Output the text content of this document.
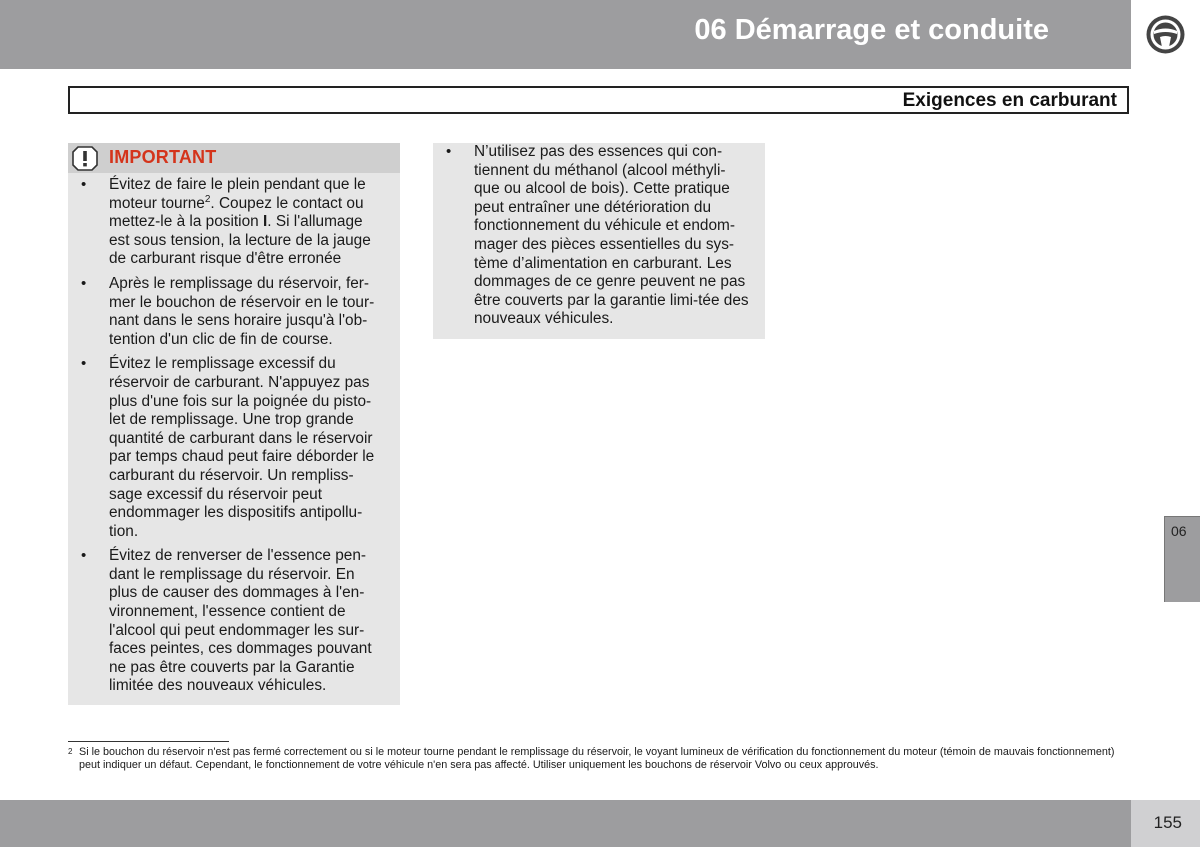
06 Démarrage et conduite
Exigences en carburant
IMPORTANT
• Évitez de faire le plein pendant que le moteur tourne$^2$. Coupez le contact ou mettez-le à la position I. Si l'allumage est sous tension, la lecture de la jauge de carburant risque d'être erronée
• Après le remplissage du réservoir, fer-mer le bouchon de réservoir en le tour-nant dans le sens horaire jusqu'à l'ob-tention d'un clic de fin de course.
• Évitez le remplissage excessif du réservoir de carburant. N'appuyez pas plus d'une fois sur la poignée du pisto-let de remplissage. Une trop grande quantité de carburant dans le réservoir par temps chaud peut faire déborder le carburant du réservoir. Un rempliss-sage excessif du réservoir peut endommager les dispositifs antipollu-tion.
• Évitez de renverser de l'essence pen-dant le remplissage du réservoir. En plus de causer des dommages à l'en-vironnement, l'essence contient de l'alcool qui peut endommager les sur-faces peintes, ces dommages pouvant ne pas être couverts par la Garantie limitée des nouveaux véhicules.
• N’utilisez pas des essences qui con-tiennent du méthanol (alcool méthyli-que ou alcool de bois). Cette pratique peut entraîner une détérioration du fonctionnement du véhicule et endom-mager des pièces essentielles du sys-tème d’alimentation en carburant. Les dommages de ce genre peuvent ne pas être couverts par la garantie limi-tée des nouveaux véhicules.
2 Si le bouchon du réservoir n'est pas fermé correctement ou si le moteur tourne pendant le remplissage du réservoir, le voyant lumineux de vérification du fonctionnement du moteur (témoin de mauvais fonctionnement) peut indiquer un défaut. Cependant, le fonctionnement de votre véhicule n'en sera pas affecté. Utiliser uniquement les bouchons de réservoir Volvo ou ceux approuvés.
06
155
